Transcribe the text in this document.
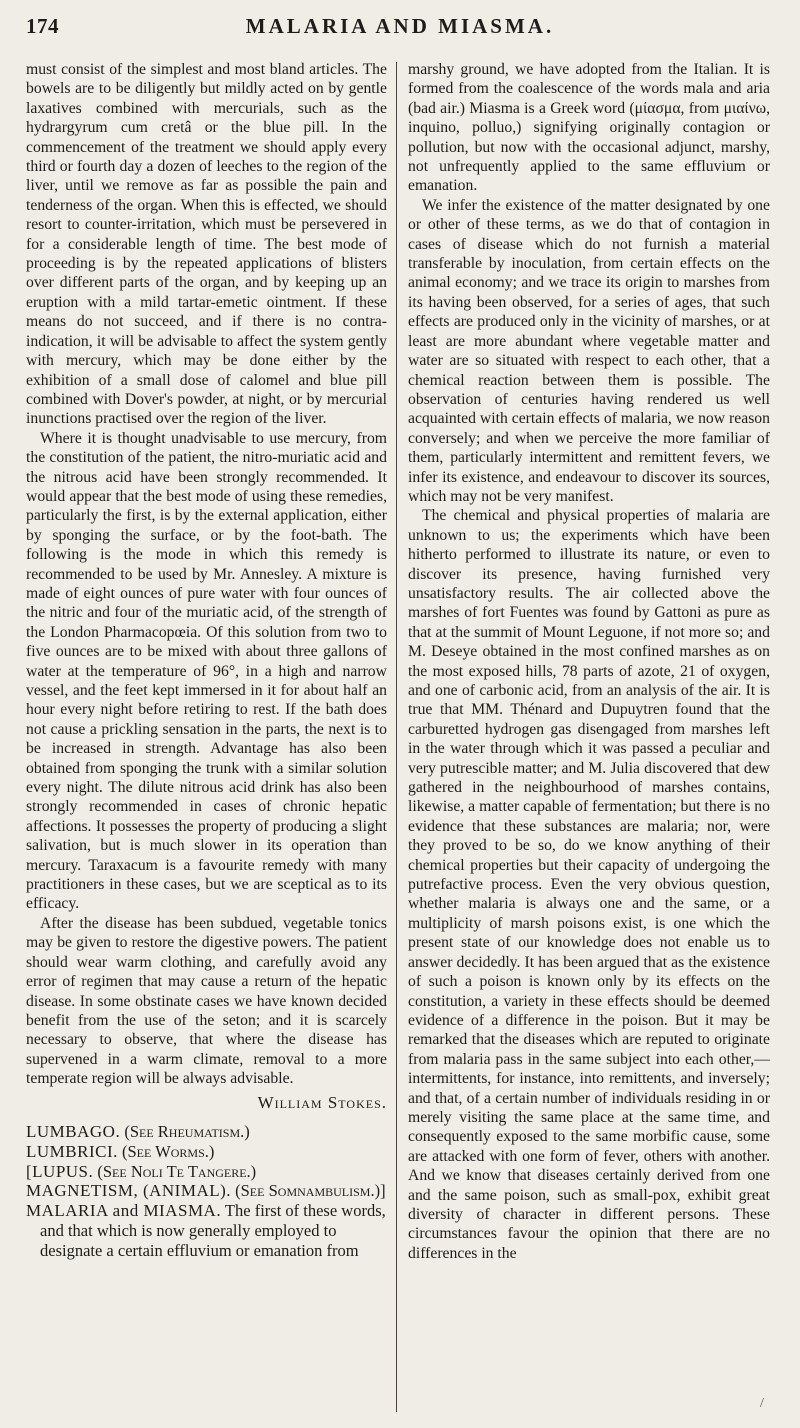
174	MALARIA AND MIASMA.

must consist of the simplest and most bland articles. The bowels are to be diligently but mildly acted on by gentle laxatives combined with mercurials, such as the hydrargyrum cum cretâ or the blue pill. In the commencement of the treatment we should apply every third or fourth day a dozen of leeches to the region of the liver, until we remove as far as possible the pain and tenderness of the organ. When this is effected, we should resort to counter-irritation, which must be persevered in for a considerable length of time. The best mode of proceeding is by the repeated applications of blisters over different parts of the organ, and by keeping up an eruption with a mild tartar-emetic ointment. If these means do not succeed, and if there is no contra-indication, it will be advisable to affect the system gently with mercury, which may be done either by the exhibition of a small dose of calomel and blue pill combined with Dover's powder, at night, or by mercurial inunctions practised over the region of the liver.

Where it is thought unadvisable to use mercury, from the constitution of the patient, the nitro-muriatic acid and the nitrous acid have been strongly recommended. It would appear that the best mode of using these remedies, particularly the first, is by the external application, either by sponging the surface, or by the foot-bath. The following is the mode in which this remedy is recommended to be used by Mr. Annesley. A mixture is made of eight ounces of pure water with four ounces of the nitric and four of the muriatic acid, of the strength of the London Pharmacopœia. Of this solution from two to five ounces are to be mixed with about three gallons of water at the temperature of 96°, in a high and narrow vessel, and the feet kept immersed in it for about half an hour every night before retiring to rest. If the bath does not cause a prickling sensation in the parts, the next is to be increased in strength. Advantage has also been obtained from sponging the trunk with a similar solution every night. The dilute nitrous acid drink has also been strongly recommended in cases of chronic hepatic affections. It possesses the property of producing a slight salivation, but is much slower in its operation than mercury. Taraxacum is a favourite remedy with many practitioners in these cases, but we are sceptical as to its efficacy.

After the disease has been subdued, vegetable tonics may be given to restore the digestive powers. The patient should wear warm clothing, and carefully avoid any error of regimen that may cause a return of the hepatic disease. In some obstinate cases we have known decided benefit from the use of the seton; and it is scarcely necessary to observe, that where the disease has supervened in a warm climate, removal to a more temperate region will be always advisable.

William Stokes.

LUMBAGO. (See Rheumatism.)

LUMBRICI. (See Worms.)

[LUPUS. (See Noli Te Tangere.)

MAGNETISM, (ANIMAL). (See Somnambulism.)]

MALARIA and MIASMA. The first of these words, and that which is now generally employed to designate a certain effluvium or emanation from

marshy ground, we have adopted from the Italian. It is formed from the coalescence of the words mala and aria (bad air.) Miasma is a Greek word (μίασμα, from μιαίνω, inquino, polluo,) signifying originally contagion or pollution, but now with the occasional adjunct, marshy, not unfrequently applied to the same effluvium or emanation.

We infer the existence of the matter designated by one or other of these terms, as we do that of contagion in cases of disease which do not furnish a material transferable by inoculation, from certain effects on the animal economy; and we trace its origin to marshes from its having been observed, for a series of ages, that such effects are produced only in the vicinity of marshes, or at least are more abundant where vegetable matter and water are so situated with respect to each other, that a chemical reaction between them is possible. The observation of centuries having rendered us well acquainted with certain effects of malaria, we now reason conversely; and when we perceive the more familiar of them, particularly intermittent and remittent fevers, we infer its existence, and endeavour to discover its sources, which may not be very manifest.

The chemical and physical properties of malaria are unknown to us; the experiments which have been hitherto performed to illustrate its nature, or even to discover its presence, having furnished very unsatisfactory results. The air collected above the marshes of fort Fuentes was found by Gattoni as pure as that at the summit of Mount Leguone, if not more so; and M. Deseye obtained in the most confined marshes as on the most exposed hills, 78 parts of azote, 21 of oxygen, and one of carbonic acid, from an analysis of the air. It is true that MM. Thénard and Dupuytren found that the carburetted hydrogen gas disengaged from marshes left in the water through which it was passed a peculiar and very putrescible matter; and M. Julia discovered that dew gathered in the neighbourhood of marshes contains, likewise, a matter capable of fermentation; but there is no evidence that these substances are malaria; nor, were they proved to be so, do we know anything of their chemical properties but their capacity of undergoing the putrefactive process. Even the very obvious question, whether malaria is always one and the same, or a multiplicity of marsh poisons exist, is one which the present state of our knowledge does not enable us to answer decidedly. It has been argued that as the existence of such a poison is known only by its effects on the constitution, a variety in these effects should be deemed evidence of a difference in the poison. But it may be remarked that the diseases which are reputed to originate from malaria pass in the same subject into each other,—intermittents, for instance, into remittents, and inversely; and that, of a certain number of individuals residing in or merely visiting the same place at the same time, and consequently exposed to the same morbific cause, some are attacked with one form of fever, others with another. And we know that diseases certainly derived from one and the same poison, such as small-pox, exhibit great diversity of character in different persons. These circumstances favour the opinion that there are no differences in the

/
